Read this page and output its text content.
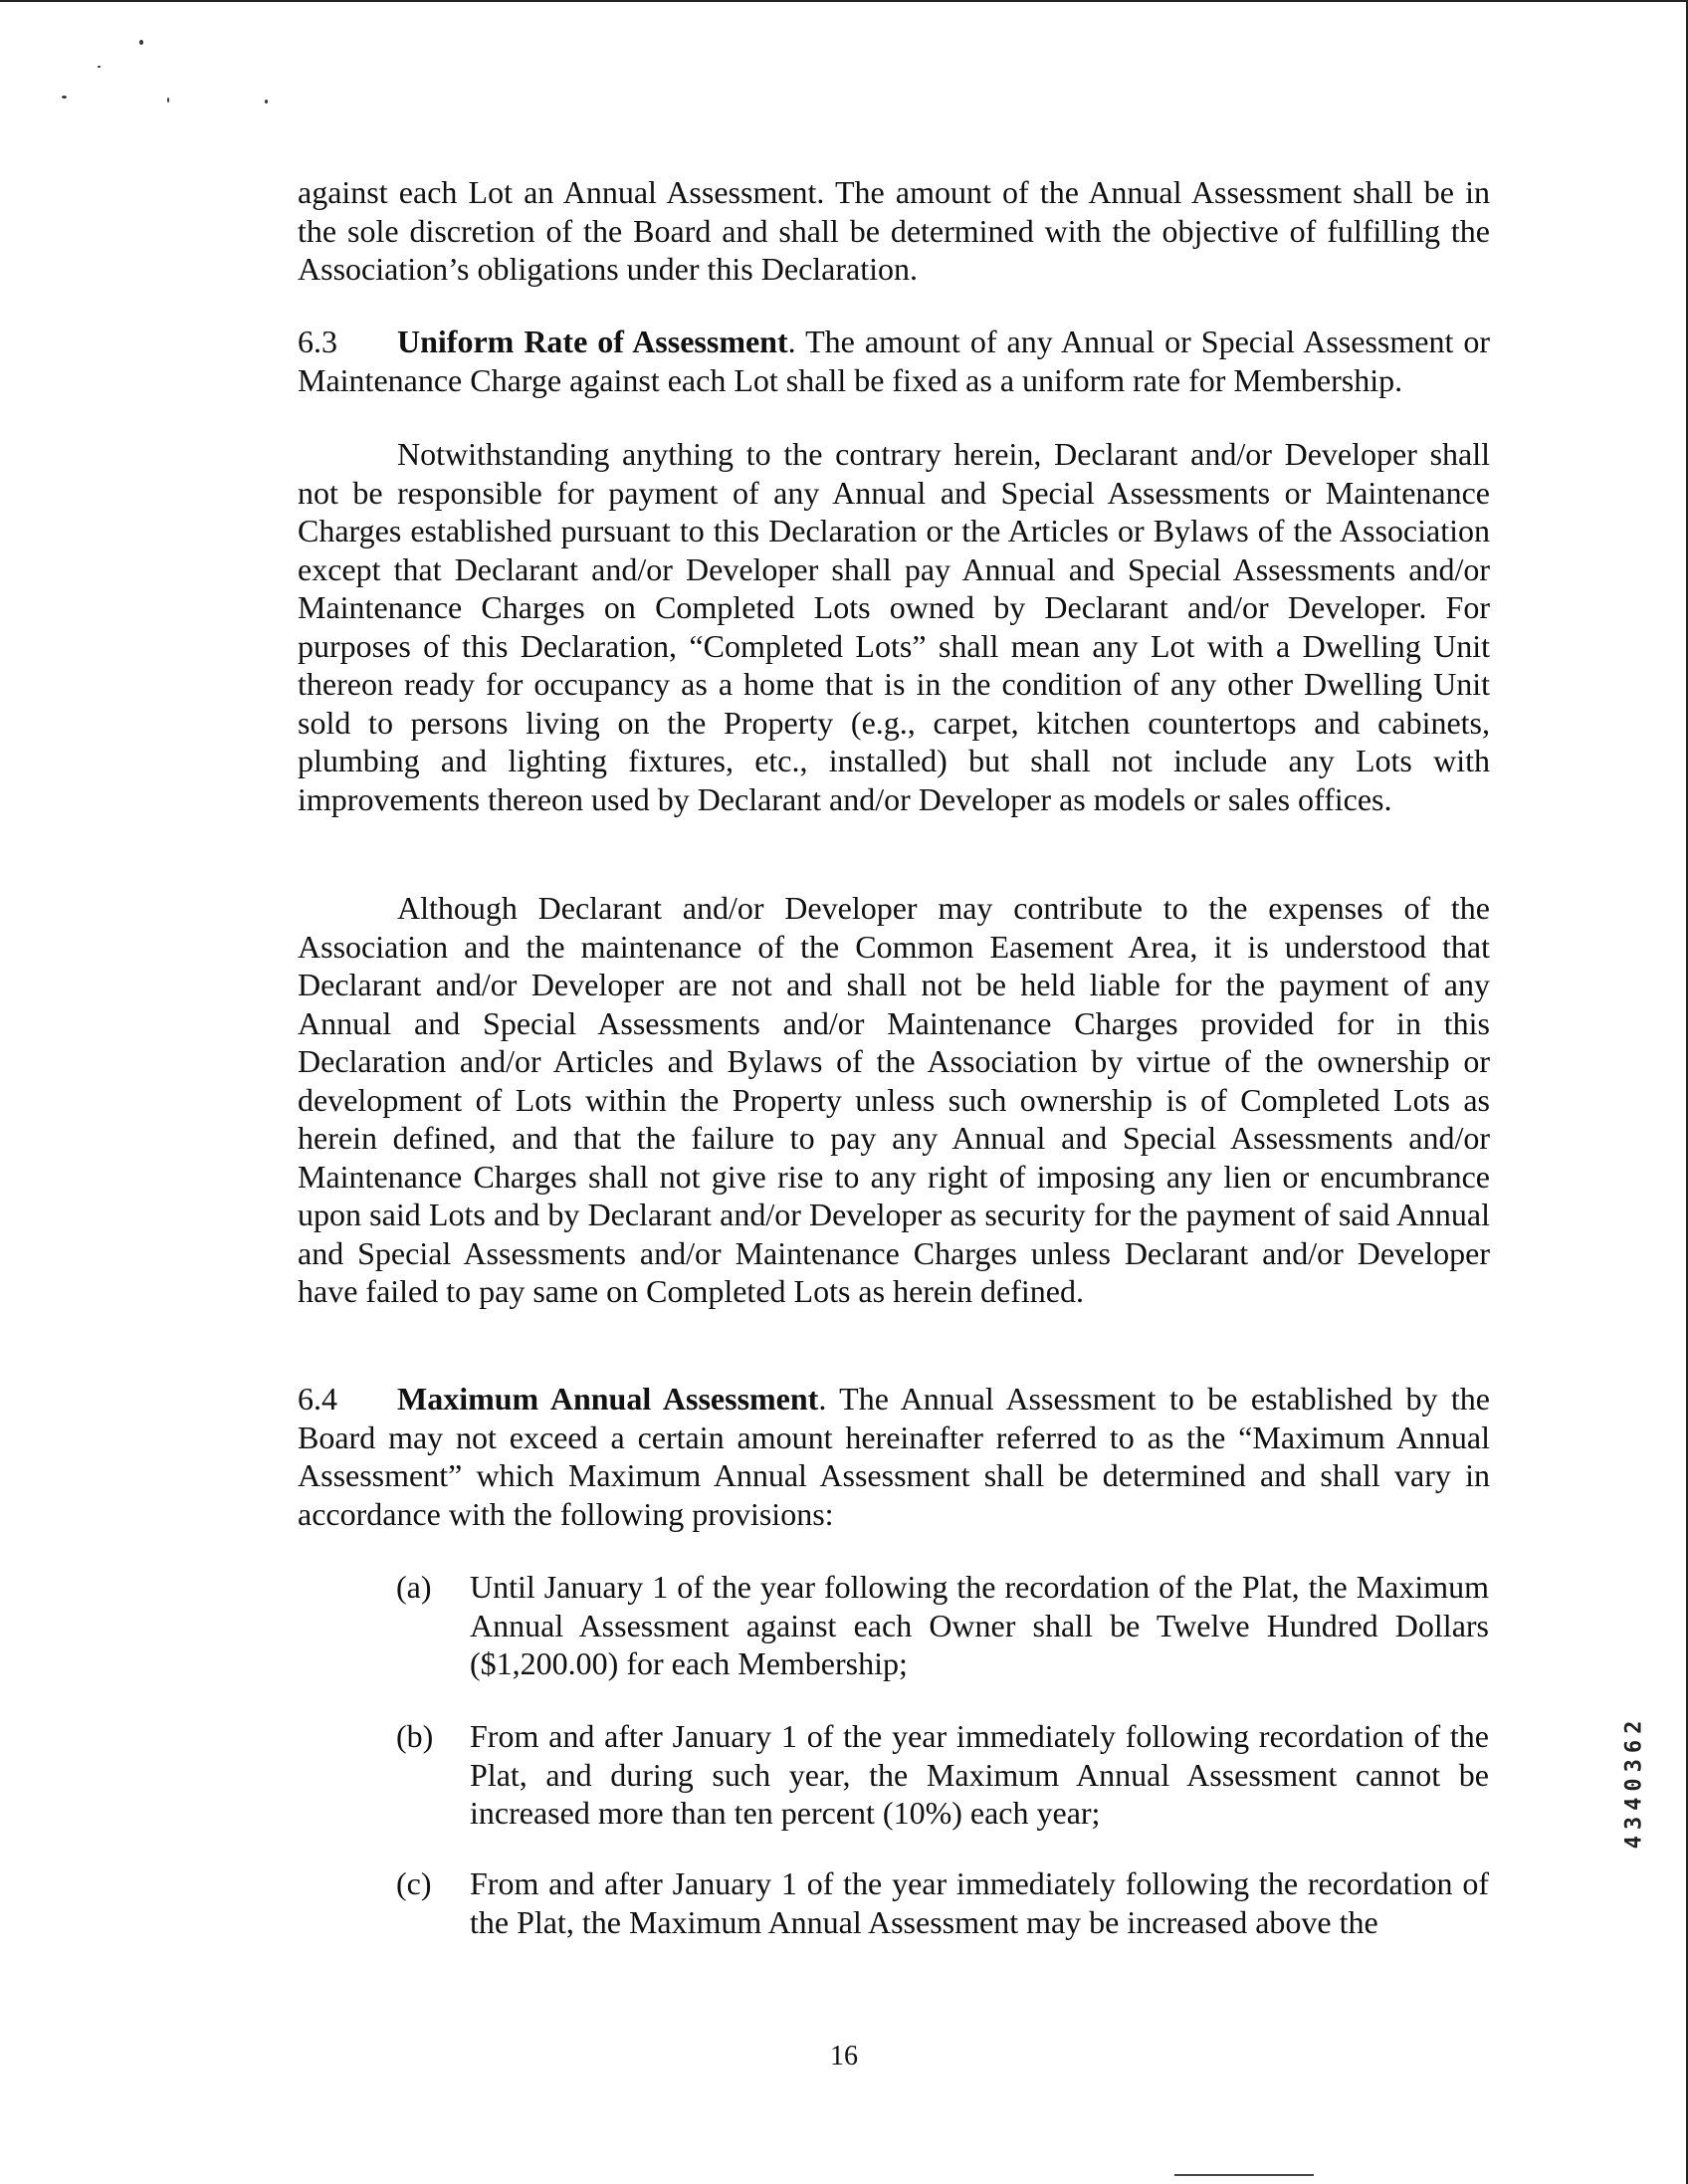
against each Lot an Annual Assessment. The amount of the Annual Assessment shall be in the sole discretion of the Board and shall be determined with the objective of fulfilling the Association’s obligations under this Declaration.

6.3 Uniform Rate of Assessment. The amount of any Annual or Special Assessment or Maintenance Charge against each Lot shall be fixed as a uniform rate for Membership.

Notwithstanding anything to the contrary herein, Declarant and/or Developer shall not be responsible for payment of any Annual and Special Assessments or Maintenance Charges established pursuant to this Declaration or the Articles or Bylaws of the Association except that Declarant and/or Developer shall pay Annual and Special Assessments and/or Maintenance Charges on Completed Lots owned by Declarant and/or Developer. For purposes of this Declaration, “Completed Lots” shall mean any Lot with a Dwelling Unit thereon ready for occupancy as a home that is in the condition of any other Dwelling Unit sold to persons living on the Property (e.g., carpet, kitchen countertops and cabinets, plumbing and lighting fixtures, etc., installed) but shall not include any Lots with improvements thereon used by Declarant and/or Developer as models or sales offices.

Although Declarant and/or Developer may contribute to the expenses of the Association and the maintenance of the Common Easement Area, it is understood that Declarant and/or Developer are not and shall not be held liable for the payment of any Annual and Special Assessments and/or Maintenance Charges provided for in this Declaration and/or Articles and Bylaws of the Association by virtue of the ownership or development of Lots within the Property unless such ownership is of Completed Lots as herein defined, and that the failure to pay any Annual and Special Assessments and/or Maintenance Charges shall not give rise to any right of imposing any lien or encumbrance upon said Lots and by Declarant and/or Developer as security for the payment of said Annual and Special Assessments and/or Maintenance Charges unless Declarant and/or Developer have failed to pay same on Completed Lots as herein defined.

6.4 Maximum Annual Assessment. The Annual Assessment to be established by the Board may not exceed a certain amount hereinafter referred to as the “Maximum Annual Assessment” which Maximum Annual Assessment shall be determined and shall vary in accordance with the following provisions:

(a)	Until January 1 of the year following the recordation of the Plat, the Maximum Annual Assessment against each Owner shall be Twelve Hundred Dollars ($1,200.00) for each Membership;
(b)	From and after January 1 of the year immediately following recordation of the Plat, and during such year, the Maximum Annual Assessment cannot be increased more than ten percent (10%) each year;
(c)	From and after January 1 of the year immediately following the recordation of the Plat, the Maximum Annual Assessment may be increased above the
16
4340362
